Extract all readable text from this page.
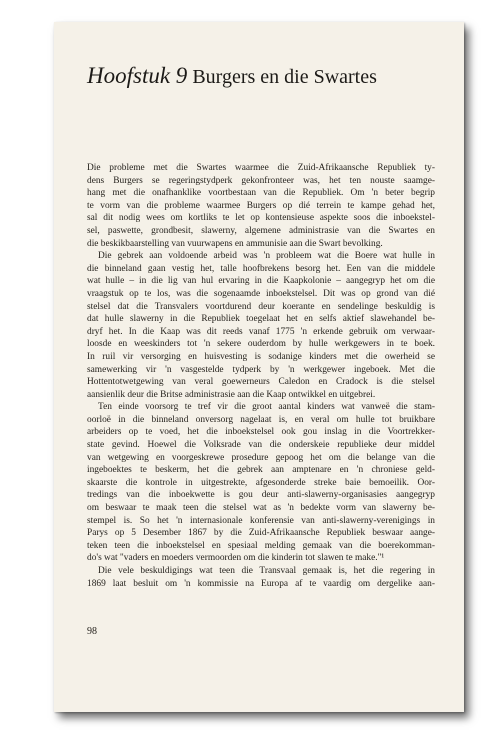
Hoofstuk 9 Burgers en die Swartes
Die probleme met die Swartes waarmee die Zuid-Afrikaansche Republiek ty-
dens Burgers se regeringstydperk gekonfronteer was, het ten nouste saamge-
hang met die onafhanklike voortbestaan van die Republiek. Om 'n beter begrip
te vorm van die probleme waarmee Burgers op dié terrein te kampe gehad het,
sal dit nodig wees om kortliks te let op kontensieuse aspekte soos die inboekstel-
sel, paswette, grondbesit, slawerny, algemene administrasie van die Swartes en
die beskikbaarstelling van vuurwapens en ammunisie aan die Swart bevolking.
Die gebrek aan voldoende arbeid was 'n probleem wat die Boere wat hulle in
die binneland gaan vestig het, talle hoofbrekens besorg het. Een van die middele
wat hulle – in die lig van hul ervaring in die Kaapkolonie – aangegryp het om die
vraagstuk op te los, was die sogenaamde inboekstelsel. Dit was op grond van dié
stelsel dat die Transvalers voortdurend deur koerante en sendelinge beskuldig is
dat hulle slawerny in die Republiek toegelaat het en selfs aktief slawehandel be-
dryf het. In die Kaap was dit reeds vanaf 1775 'n erkende gebruik om verwaar-
loosde en weeskinders tot 'n sekere ouderdom by hulle werkgewers in te boek.
In ruil vir versorging en huisvesting is sodanige kinders met die owerheid se
samewerking vir 'n vasgestelde tydperk by 'n werkgewer ingeboek. Met die
Hottentotwetgewing van veral goewerneurs Caledon en Cradock is die stelsel
aansienlik deur die Britse administrasie aan die Kaap ontwikkel en uitgebrei.
Ten einde voorsorg te tref vir die groot aantal kinders wat vanweë die stam-
oorloë in die binneland onversorg nagelaat is, en veral om hulle tot bruikbare
arbeiders op te voed, het die inboekstelsel ook gou inslag in die Voortrekker-
state gevind. Hoewel die Volksrade van die onderskeie republieke deur middel
van wetgewing en voorgeskrewe prosedure gepoog het om die belange van die
ingeboektes te beskerm, het die gebrek aan amptenare en 'n chroniese geld-
skaarste die kontrole in uitgestrekte, afgesonderde streke baie bemoeilik. Oor-
tredings van die inboekwette is gou deur anti-slawerny-organisasies aangegryp
om beswaar te maak teen die stelsel wat as 'n bedekte vorm van slawerny be-
stempel is. So het 'n internasionale konferensie van anti-slawerny-verenigings in
Parys op 5 Desember 1867 by die Zuid-Afrikaansche Republiek beswaar aange-
teken teen die inboekstelsel en spesiaal melding gemaak van die boerekomman-
do's wat "vaders en moeders vermoorden om die kinderin tot slawen te make."¹
Die vele beskuldigings wat teen die Transvaal gemaak is, het die regering in
1869 laat besluit om 'n kommissie na Europa af te vaardig om dergelike aan-
98
